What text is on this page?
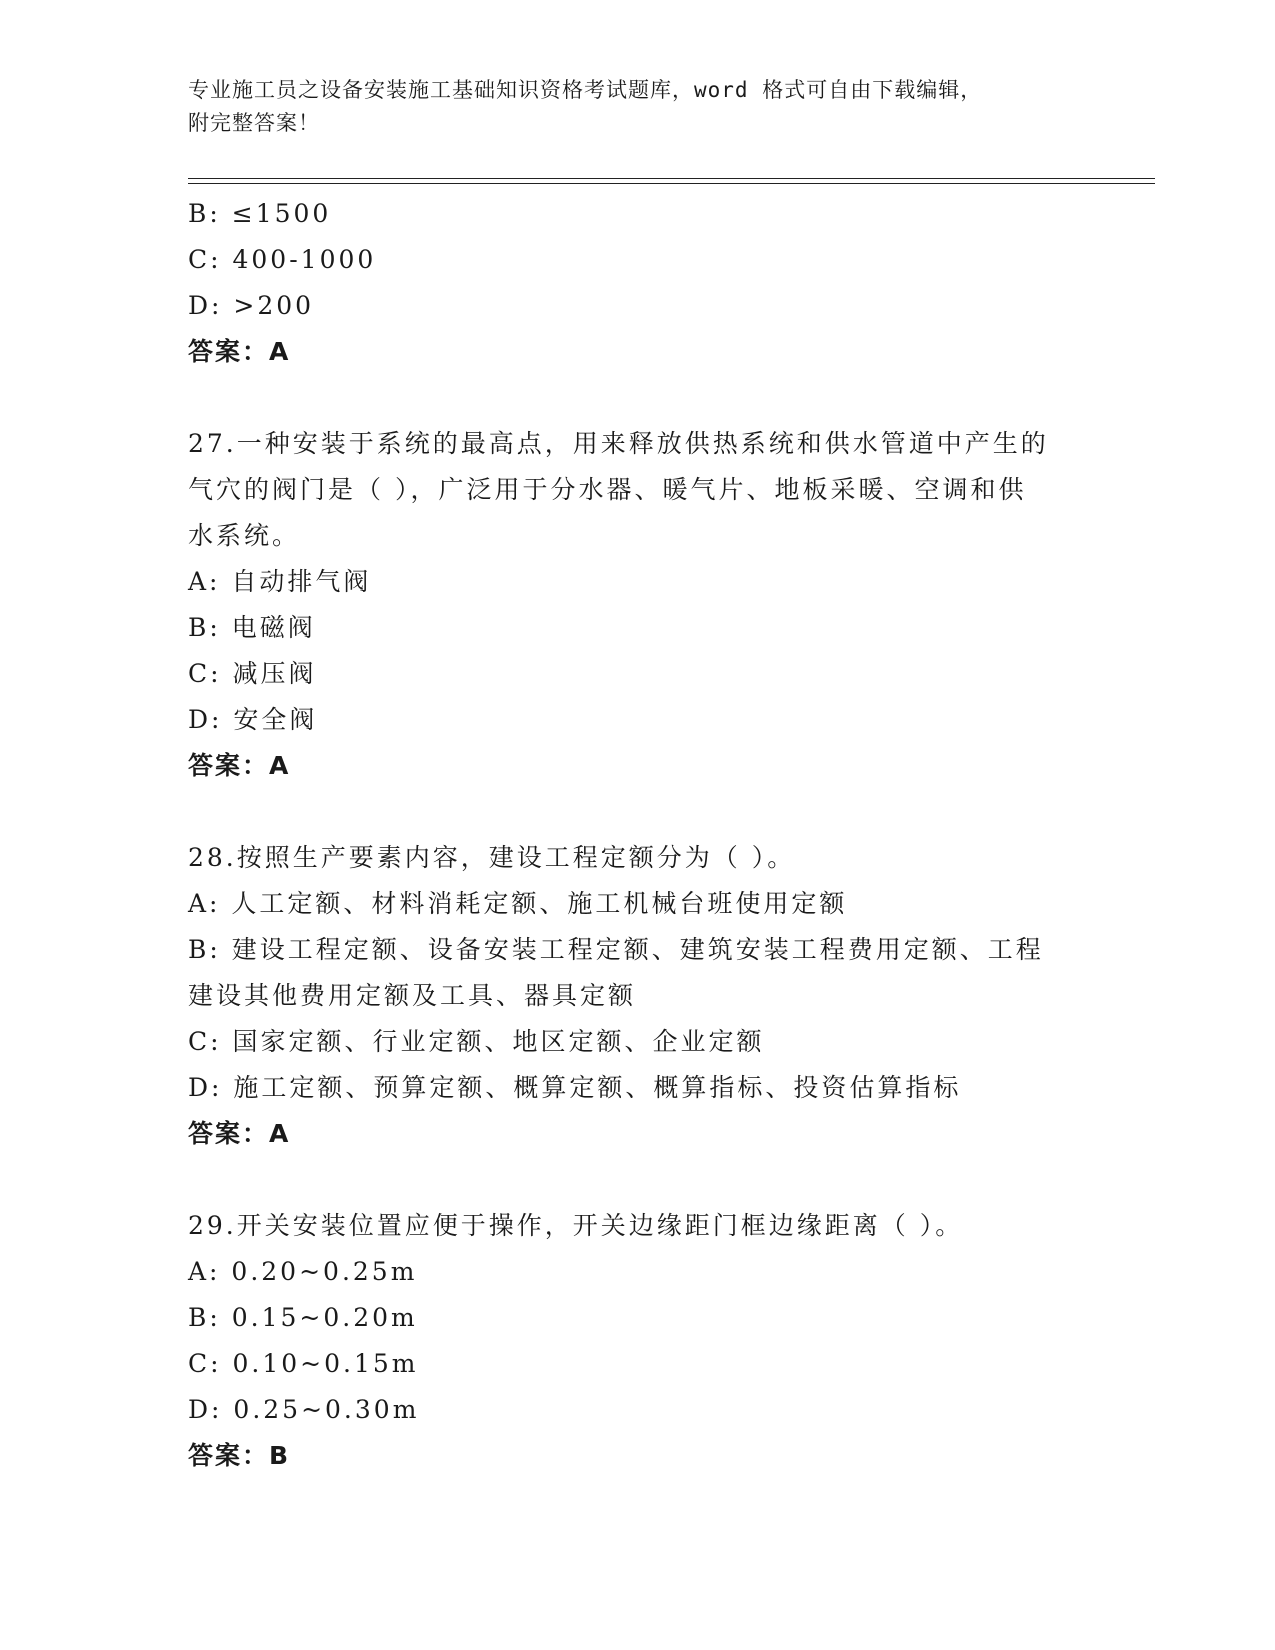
专业施工员之设备安装施工基础知识资格考试题库，word 格式可自由下载编辑，
附完整答案！
B: ≤1500
C: 400-1000
D: >200
答案：A
27.一种安装于系统的最高点，用来释放供热系统和供水管道中产生的
气穴的阀门是（ ），广泛用于分水器、暖气片、地板采暖、空调和供
水系统。
A: 自动排气阀
B: 电磁阀
C: 减压阀
D: 安全阀
答案：A
28.按照生产要素内容，建设工程定额分为（ ）。
A: 人工定额、材料消耗定额、施工机械台班使用定额
B: 建设工程定额、设备安装工程定额、建筑安装工程费用定额、工程
建设其他费用定额及工具、器具定额
C: 国家定额、行业定额、地区定额、企业定额
D: 施工定额、预算定额、概算定额、概算指标、投资估算指标
答案：A
29.开关安装位置应便于操作，开关边缘距门框边缘距离（ ）。
A: 0.20~0.25m
B: 0.15~0.20m
C: 0.10~0.15m
D: 0.25~0.30m
答案：B
